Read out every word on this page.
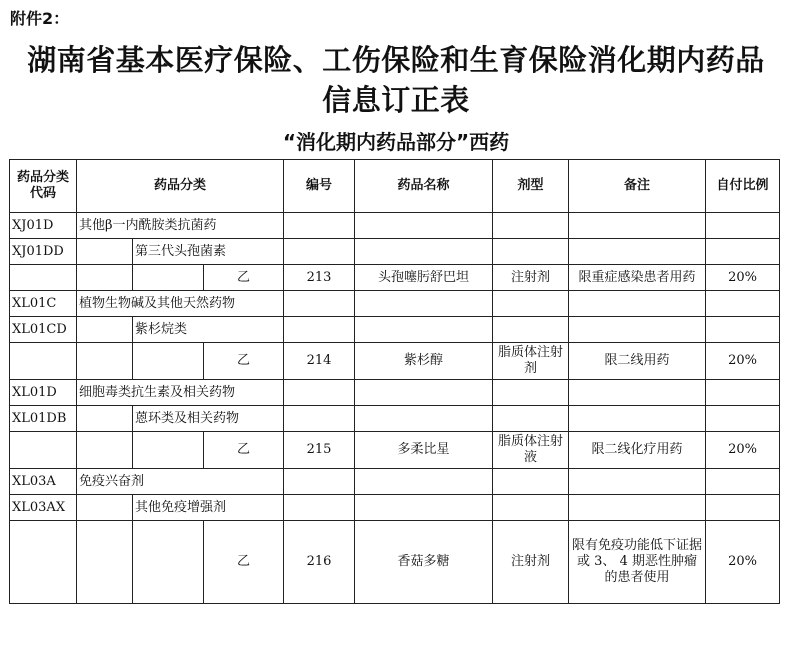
附件2：
湖南省基本医疗保险、工伤保险和生育保险消化期内药品
信息订正表
“消化期内药品部分”西药
药品分类代码	药品分类			编号	药品名称	剂型	备注	自付比例
XJ01D	其他β一内酰胺类抗菌药							
XJ01DD		第三代头孢菌素						
			乙	213	头孢噻肟舒巴坦	注射剂	限重症感染患者用药	20%
XL01C	植物生物碱及其他天然药物							
XL01CD		紫杉烷类						
			乙	214	紫杉醇	脂质体注射剂	限二线用药	20%
XL01D	细胞毒类抗生素及相关药物							
XL01DB		蒽环类及相关药物						
			乙	215	多柔比星	脂质体注射液	限二线化疗用药	20%
XL03A	免疫兴奋剂							
XL03AX		其他免疫增强剂						
			乙	216	香菇多糖	注射剂	限有免疫功能低下证据或 3、 4 期恶性肿瘤的患者使用	20%
